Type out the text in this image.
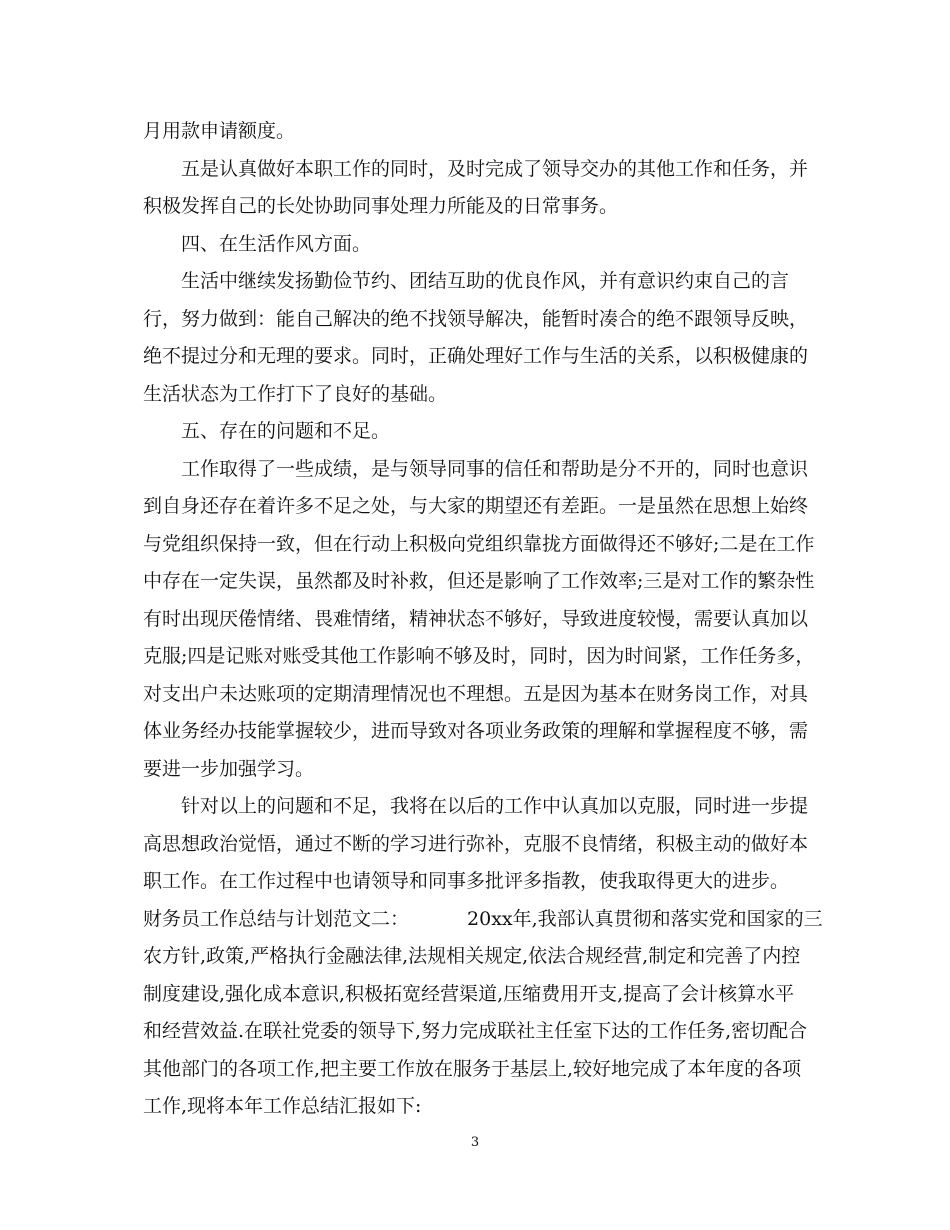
月用款申请额度。
五是认真做好本职工作的同时，及时完成了领导交办的其他工作和任务，并
积极发挥自己的长处协助同事处理力所能及的日常事务。
四、在生活作风方面。
生活中继续发扬勤俭节约、团结互助的优良作风，并有意识约束自己的言
行，努力做到：能自己解决的绝不找领导解决，能暂时凑合的绝不跟领导反映，
绝不提过分和无理的要求。同时，正确处理好工作与生活的关系，以积极健康的
生活状态为工作打下了良好的基础。
五、存在的问题和不足。
工作取得了一些成绩，是与领导同事的信任和帮助是分不开的，同时也意识
到自身还存在着许多不足之处，与大家的期望还有差距。一是虽然在思想上始终
与党组织保持一致，但在行动上积极向党组织靠拢方面做得还不够好;二是在工作
中存在一定失误，虽然都及时补救，但还是影响了工作效率;三是对工作的繁杂性
有时出现厌倦情绪、畏难情绪，精神状态不够好，导致进度较慢，需要认真加以
克服;四是记账对账受其他工作影响不够及时，同时，因为时间紧，工作任务多，
对支出户未达账项的定期清理情况也不理想。五是因为基本在财务岗工作，对具
体业务经办技能掌握较少，进而导致对各项业务政策的理解和掌握程度不够，需
要进一步加强学习。
针对以上的问题和不足，我将在以后的工作中认真加以克服，同时进一步提
高思想政治觉悟，通过不断的学习进行弥补，克服不良情绪，积极主动的做好本
职工作。在工作过程中也请领导和同事多批评多指教，使我取得更大的进步。
财务员工作总结与计划范文二：	20xx年,我部认真贯彻和落实党和国家的三
农方针,政策,严格执行金融法律,法规相关规定,依法合规经营,制定和完善了内控
制度建设,强化成本意识,积极拓宽经营渠道,压缩费用开支,提高了会计核算水平
和经营效益.在联社党委的领导下,努力完成联社主任室下达的工作任务,密切配合
其他部门的各项工作,把主要工作放在服务于基层上,较好地完成了本年度的各项
工作,现将本年工作总结汇报如下:
3
